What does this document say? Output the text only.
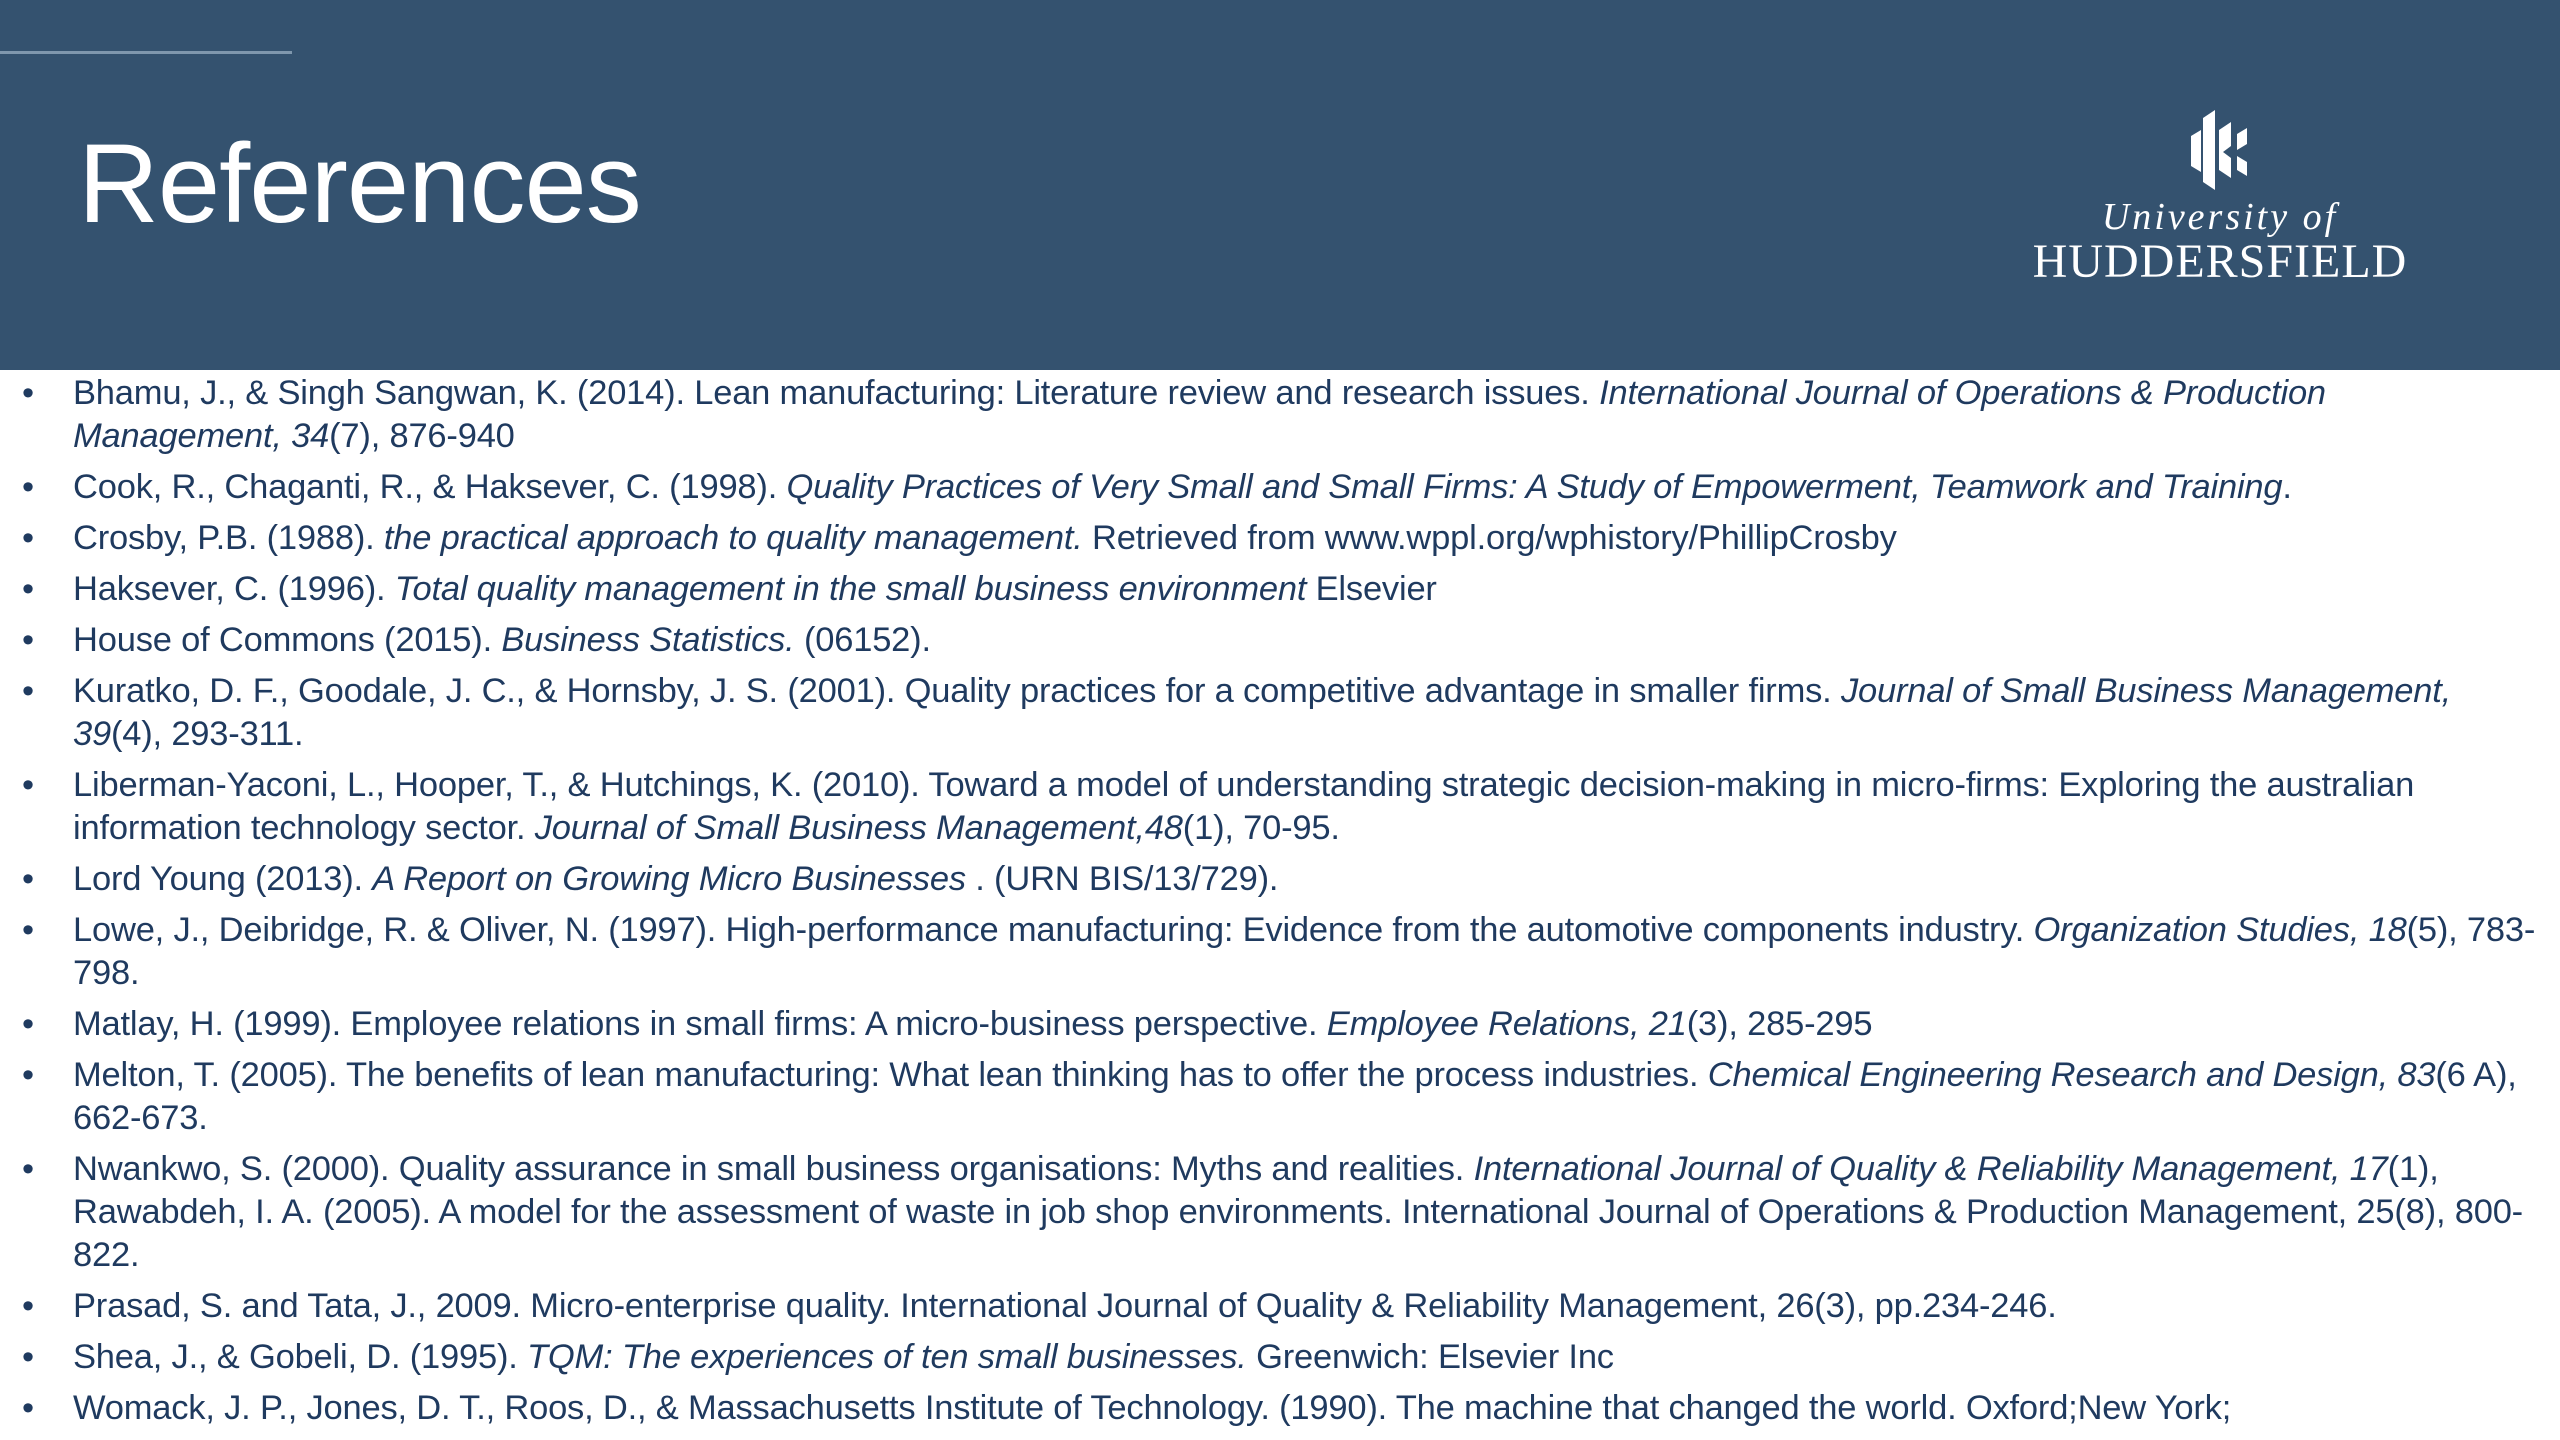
References	University of
HUDDERSFIELD
• Bhamu, J., & Singh Sangwan, K. (2014). Lean manufacturing: Literature review and research issues. International Journal of Operations & Production Management, 34(7), 876-940
• Cook, R., Chaganti, R., & Haksever, C. (1998). Quality Practices of Very Small and Small Firms: A Study of Empowerment, Teamwork and Training.
• Crosby, P.B. (1988). the practical approach to quality management. Retrieved from www.wppl.org/wphistory/PhillipCrosby
• Haksever, C. (1996). Total quality management in the small business environment Elsevier
• House of Commons (2015). Business Statistics. (06152).
• Kuratko, D. F., Goodale, J. C., & Hornsby, J. S. (2001). Quality practices for a competitive advantage in smaller firms. Journal of Small Business Management, 39(4), 293-311.
• Liberman-Yaconi, L., Hooper, T., & Hutchings, K. (2010). Toward a model of understanding strategic decision-making in micro-firms: Exploring the australian information technology sector. Journal of Small Business Management,48(1), 70-95.
• Lord Young (2013). A Report on Growing Micro Businesses . (URN BIS/13/729).
• Lowe, J., Deibridge, R. & Oliver, N. (1997). High-performance manufacturing: Evidence from the automotive components industry. Organization Studies, 18(5), 783-798.
• Matlay, H. (1999). Employee relations in small firms: A micro-business perspective. Employee Relations, 21(3), 285-295
• Melton, T. (2005). The benefits of lean manufacturing: What lean thinking has to offer the process industries. Chemical Engineering Research and Design, 83(6 A), 662-673.
• Nwankwo, S. (2000). Quality assurance in small business organisations: Myths and realities. International Journal of Quality & Reliability Management, 17(1), Rawabdeh, I. A. (2005). A model for the assessment of waste in job shop environments. International Journal of Operations & Production Management, 25(8), 800-822.
• Prasad, S. and Tata, J., 2009. Micro-enterprise quality. International Journal of Quality & Reliability Management, 26(3), pp.234-246.
• Shea, J., & Gobeli, D. (1995). TQM: The experiences of ten small businesses. Greenwich: Elsevier Inc
• Womack, J. P., Jones, D. T., Roos, D., & Massachusetts Institute of Technology. (1990). The machine that changed the world. Oxford;New York;
